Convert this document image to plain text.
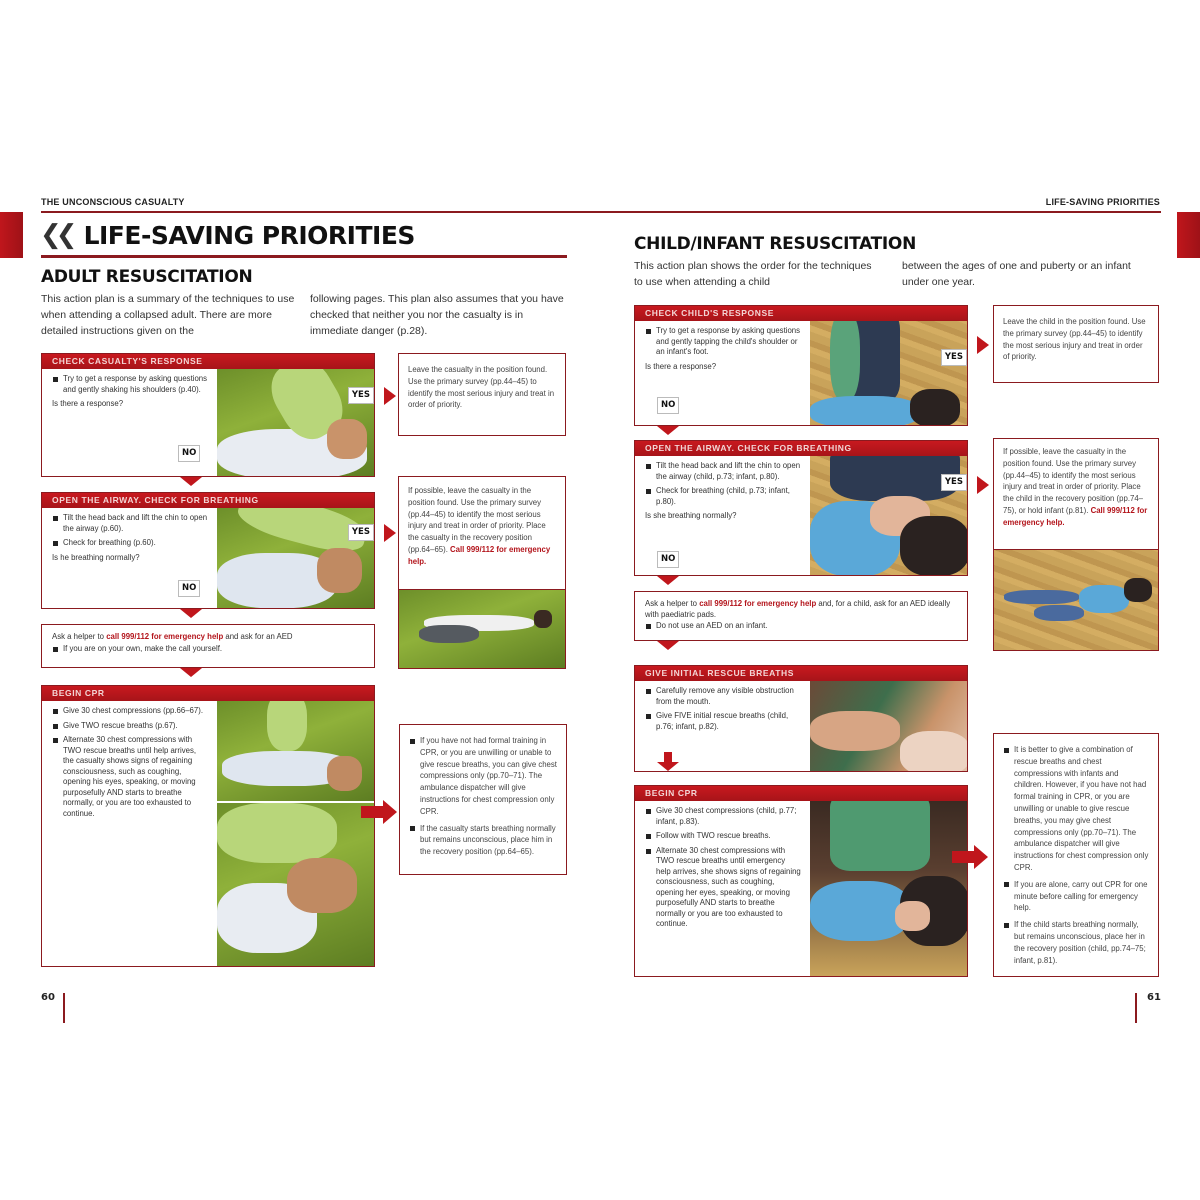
THE UNCONSCIOUS CASUALTY
❮❮ LIFE-SAVING PRIORITIES
ADULT RESUSCITATION
This action plan is a summary of the techniques to use when attending a collapsed adult. There are more detailed instructions given on the
following pages. This plan also assumes that you have checked that neither you nor the casualty is in immediate danger (p.28).
CHECK CASUALTY'S RESPONSE
Try to get a response by asking questions and gently shaking his shoulders (p.40).
Is there a response?
NO
YES
Leave the casualty in the position found. Use the primary survey (pp.44–45) to identify the most serious injury and treat in order of priority.
OPEN THE AIRWAY. CHECK FOR BREATHING
Tilt the head back and lift the chin to open the airway (p.60).
Check for breathing (p.60).
Is he breathing normally?
NO
YES
If possible, leave the casualty in the position found. Use the primary survey (pp.44–45) to identify the most serious injury and treat in order of priority. Place the casualty in the recovery position (pp.64–65). Call 999/112 for emergency help.
Ask a helper to call 999/112 for emergency help and ask for an AED
If you are on your own, make the call yourself.
BEGIN CPR
Give 30 chest compressions (pp.66–67).
Give TWO rescue breaths (p.67).
Alternate 30 chest compressions with TWO rescue breaths until help arrives, the casualty shows signs of regaining consciousness, such as coughing, opening his eyes, speaking, or moving purposefully AND starts to breathe normally, or you are too exhausted to continue.
If you have not had formal training in CPR, or you are unwilling or unable to give rescue breaths, you can give chest compressions only (pp.70–71). The ambulance dispatcher will give instructions for chest compression only CPR.
If the casualty starts breathing normally but remains unconscious, place him in the recovery position (pp.64–65).
60
LIFE-SAVING PRIORITIES
CHILD/INFANT RESUSCITATION
This action plan shows the order for the techniques to use when attending a child
between the ages of one and puberty or an infant under one year.
CHECK CHILD'S RESPONSE
Try to get a response by asking questions and gently tapping the child's shoulder or an infant's foot.
Is there a response?
NO
YES
Leave the child in the position found. Use the primary survey (pp.44–45) to identify the most serious injury and treat in order of priority.
OPEN THE AIRWAY. CHECK FOR BREATHING
Tilt the head back and lift the chin to open the airway (child, p.73; infant, p.80).
Check for breathing (child, p.73; infant, p.80).
Is she breathing normally?
NO
YES
If possible, leave the casualty in the position found. Use the primary survey (pp.44–45) to identify the most serious injury and treat in order of priority. Place the child in the recovery position (pp.74–75), or hold infant (p.81). Call 999/112 for emergency help.
Ask a helper to call 999/112 for emergency help and, for a child, ask for an AED ideally with paediatric pads.
Do not use an AED on an infant.
GIVE INITIAL RESCUE BREATHS
Carefully remove any visible obstruction from the mouth.
Give FIVE initial rescue breaths (child, p.76; infant, p.82).
BEGIN CPR
Give 30 chest compressions (child, p.77; infant, p.83).
Follow with TWO rescue breaths.
Alternate 30 chest compressions with TWO rescue breaths until emergency help arrives, she shows signs of regaining consciousness, such as coughing, opening her eyes, speaking, or moving purposefully AND starts to breathe normally or you are too exhausted to continue.
It is better to give a combination of rescue breaths and chest compressions with infants and children. However, if you have not had formal training in CPR, or you are unwilling or unable to give rescue breaths, you may give chest compressions only (pp.70–71). The ambulance dispatcher will give instructions for chest compression only CPR.
If you are alone, carry out CPR for one minute before calling for emergency help.
If the child starts breathing normally, but remains unconscious, place her in the recovery position (child, pp.74–75; infant, p.81).
61
